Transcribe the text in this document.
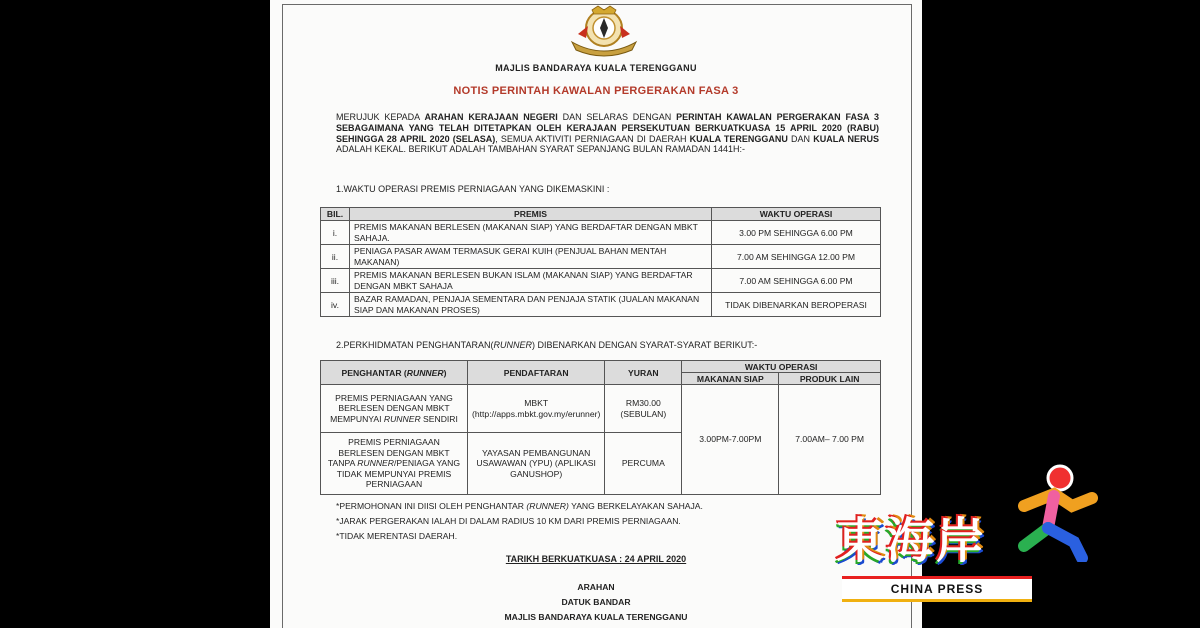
MAJLIS BANDARAYA KUALA TERENGGANU
NOTIS PERINTAH KAWALAN PERGERAKAN FASA 3
MERUJUK KEPADA ARAHAN KERAJAAN NEGERI DAN SELARAS DENGAN PERINTAH KAWALAN PERGERAKAN FASA 3 SEBAGAIMANA YANG TELAH DITETAPKAN OLEH KERAJAAN PERSEKUTUAN BERKUATKUASA 15 APRIL 2020 (RABU) SEHINGGA 28 APRIL 2020 (SELASA), SEMUA AKTIVITI PERNIAGAAN DI DAERAH KUALA TERENGGANU DAN KUALA NERUS ADALAH KEKAL. BERIKUT ADALAH TAMBAHAN SYARAT SEPANJANG BULAN RAMADAN 1441H:-
1.WAKTU OPERASI PREMIS PERNIAGAAN YANG DIKEMASKINI :
BIL.	PREMIS	WAKTU OPERASI
i.	PREMIS MAKANAN BERLESEN (MAKANAN SIAP) YANG BERDAFTAR DENGAN MBKT SAHAJA.	3.00 PM SEHINGGA 6.00 PM
ii.	PENIAGA PASAR AWAM TERMASUK GERAI KUIH (PENJUAL BAHAN MENTAH MAKANAN)	7.00 AM SEHINGGA 12.00 PM
iii.	PREMIS MAKANAN BERLESEN BUKAN ISLAM (MAKANAN SIAP) YANG BERDAFTAR DENGAN MBKT SAHAJA	7.00 AM SEHINGGA 6.00 PM
iv.	BAZAR RAMADAN, PENJAJA SEMENTARA DAN PENJAJA STATIK (JUALAN MAKANAN SIAP DAN MAKANAN PROSES)	TIDAK DIBENARKAN BEROPERASI
2.PERKHIDMATAN PENGHANTARAN(RUNNER) DIBENARKAN DENGAN SYARAT-SYARAT BERIKUT:-
PENGHANTAR (RUNNER)	PENDAFTARAN	YURAN	WAKTU OPERASI	
			MAKANAN SIAP	PRODUK LAIN
PREMIS PERNIAGAAN YANG BERLESEN DENGAN MBKT MEMPUNYAI RUNNER SENDIRI	MBKT (http://apps.mbkt.gov.my/erunner)	RM30.00 (SEBULAN)	3.00PM-7.00PM	7.00AM– 7.00 PM
PREMIS PERNIAGAAN BERLESEN DENGAN MBKT TANPA RUNNER/PENIAGA YANG TIDAK MEMPUNYAI PREMIS PERNIAGAAN	YAYASAN PEMBANGUNAN USAWAWAN (YPU) (APLIKASI GANUSHOP)	PERCUMA		
*PERMOHONAN INI DIISI OLEH PENGHANTAR (RUNNER) YANG BERKELAYAKAN SAHAJA.
*JARAK PERGERAKAN IALAH DI DALAM RADIUS 10 KM DARI PREMIS PERNIAGAAN.
*TIDAK MERENTASI DAERAH.
TARIKH BERKUATKUASA : 24 APRIL 2020
ARAHAN
DATUK BANDAR
MAJLIS BANDARAYA KUALA TERENGGANU
東海岸
CHINA PRESS
